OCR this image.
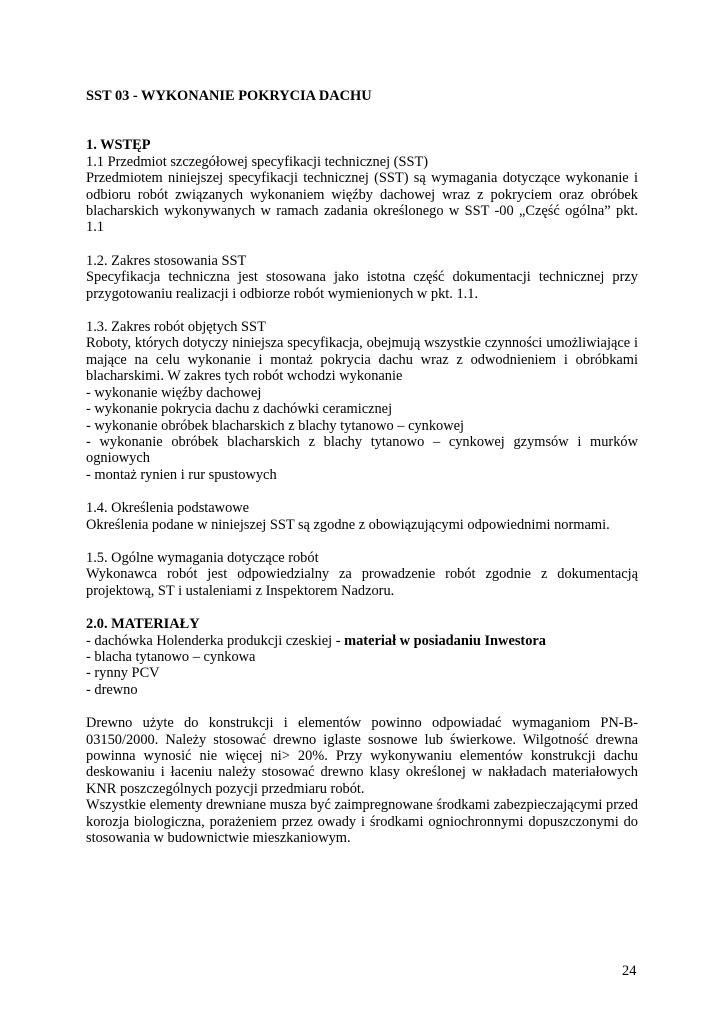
SST 03 - WYKONANIE POKRYCIA DACHU
1. WSTĘP
1.1 Przedmiot szczegółowej specyfikacji technicznej (SST)

Przedmiotem niniejszej specyfikacji technicznej (SST) są wymagania dotyczące wykonanie i odbioru robót związanych wykonaniem więźby dachowej wraz z pokryciem oraz obróbek blacharskich wykonywanych w ramach zadania określonego w SST -00 „Część ogólna” pkt. 1.1

1.2. Zakres stosowania SST

Specyfikacja techniczna jest stosowana jako istotna część dokumentacji technicznej przy przygotowaniu realizacji i odbiorze robót wymienionych w pkt. 1.1.

1.3. Zakres robót objętych SST

Roboty, których dotyczy niniejsza specyfikacja, obejmują wszystkie czynności umożliwiające i mające na celu wykonanie i montaż pokrycia dachu wraz z odwodnieniem i obróbkami blacharskimi. W zakres tych robót wchodzi wykonanie

- wykonanie więźby dachowej
- wykonanie pokrycia dachu z dachówki ceramicznej
- wykonanie obróbek blacharskich z blachy tytanowo – cynkowej

- wykonanie obróbek blacharskich z blachy tytanowo – cynkowej gzymsów i murków ogniowych

- montaż rynien i rur spustowych
1.4. Określenia podstawowe

Określenia podane w niniejszej SST są zgodne z obowiązującymi odpowiednimi normami.

1.5. Ogólne wymagania dotyczące robót

Wykonawca robót jest odpowiedzialny za prowadzenie robót zgodnie z dokumentacją projektową, ST i ustaleniami z Inspektorem Nadzoru.

2.0. MATERIAŁY
- dachówka Holenderka produkcji czeskiej - materiał w posiadaniu Inwestora
- blacha tytanowo – cynkowa
- rynny PCV
- drewno

Drewno użyte do konstrukcji i elementów powinno odpowiadać wymaganiom PN-B-03150/2000. Należy stosować drewno iglaste sosnowe lub świerkowe. Wilgotność drewna powinna wynosić nie więcej ni> 20%. Przy wykonywaniu elementów konstrukcji dachu deskowaniu i łaceniu należy stosować drewno klasy określonej w nakładach materiałowych KNR poszczególnych pozycji przedmiaru robót.

Wszystkie elementy drewniane musza być zaimpregnowane środkami zabezpieczającymi przed korozja biologiczna, porażeniem przez owady i środkami ogniochronnymi dopuszczonymi do stosowania w budownictwie mieszkaniowym.

24
